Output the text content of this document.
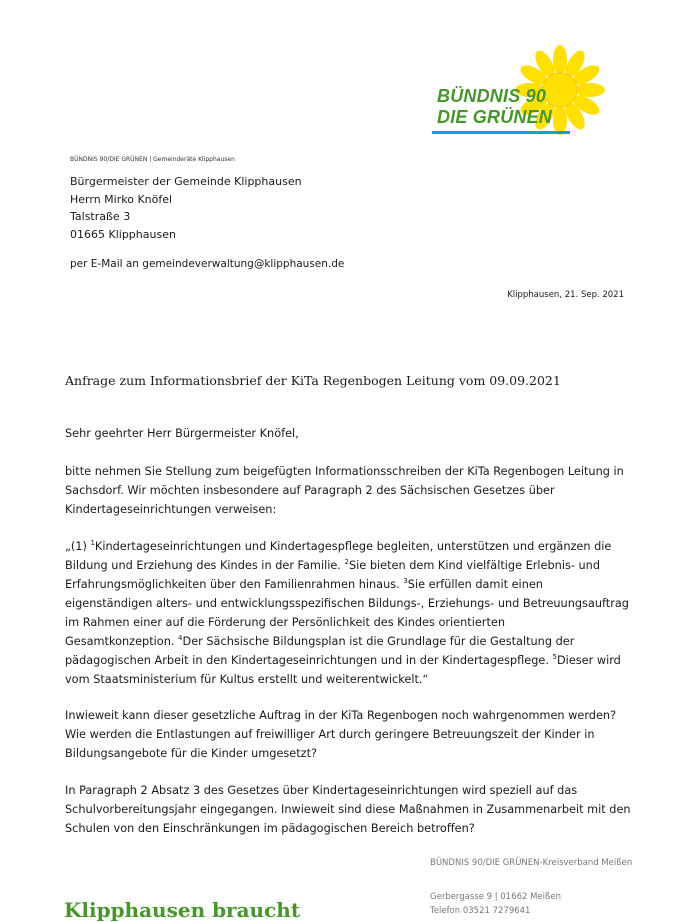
BÜNDNIS 90
DIE GRÜNEN
BÜNDNIS 90/DIE GRÜNEN | Gemeinderäte Klipphausen
Bürgermeister der Gemeinde Klipphausen
Herrn Mirko Knöfel
Talstraße 3
01665 Klipphausen
per E-Mail an gemeindeverwaltung@klipphausen.de
Klipphausen, 21. Sep. 2021
Anfrage zum Informationsbrief der KiTa Regenbogen Leitung vom 09.09.2021
Sehr geehrter Herr Bürgermeister Knöfel,
bitte nehmen Sie Stellung zum beigefügten Informationsschreiben der KiTa Regenbogen Leitung in
Sachsdorf. Wir möchten insbesondere auf Paragraph 2 des Sächsischen Gesetzes über
Kindertageseinrichtungen verweisen:
„(1) $^1$Kindertageseinrichtungen und Kindertagespflege begleiten, unterstützen und ergänzen die
Bildung und Erziehung des Kindes in der Familie. $^2$Sie bieten dem Kind vielfältige Erlebnis- und
Erfahrungsmöglichkeiten über den Familienrahmen hinaus. $^3$Sie erfüllen damit einen
eigenständigen alters- und entwicklungsspezifischen Bildungs-, Erziehungs- und Betreuungsauftrag
im Rahmen einer auf die Förderung der Persönlichkeit des Kindes orientierten
Gesamtkonzeption. $^4$Der Sächsische Bildungsplan ist die Grundlage für die Gestaltung der
pädagogischen Arbeit in den Kindertageseinrichtungen und in der Kindertagespflege. $^5$Dieser wird
vom Staatsministerium für Kultus erstellt und weiterentwickelt.“
Inwieweit kann dieser gesetzliche Auftrag in der KiTa Regenbogen noch wahrgenommen werden?
Wie werden die Entlastungen auf freiwilliger Art durch geringere Betreuungszeit der Kinder in
Bildungsangebote für die Kinder umgesetzt?
In Paragraph 2 Absatz 3 des Gesetzes über Kindertageseinrichtungen wird speziell auf das
Schulvorbereitungsjahr eingegangen. Inwieweit sind diese Maßnahmen in Zusammenarbeit mit den
Schulen von den Einschränkungen im pädagogischen Bereich betroffen?
BÜNDNIS 90/DIE GRÜNEN-Kreisverband Meißen
Gerbergasse 9 | 01662 Meißen
Telefon 03521 7279641
Klipphausen braucht
